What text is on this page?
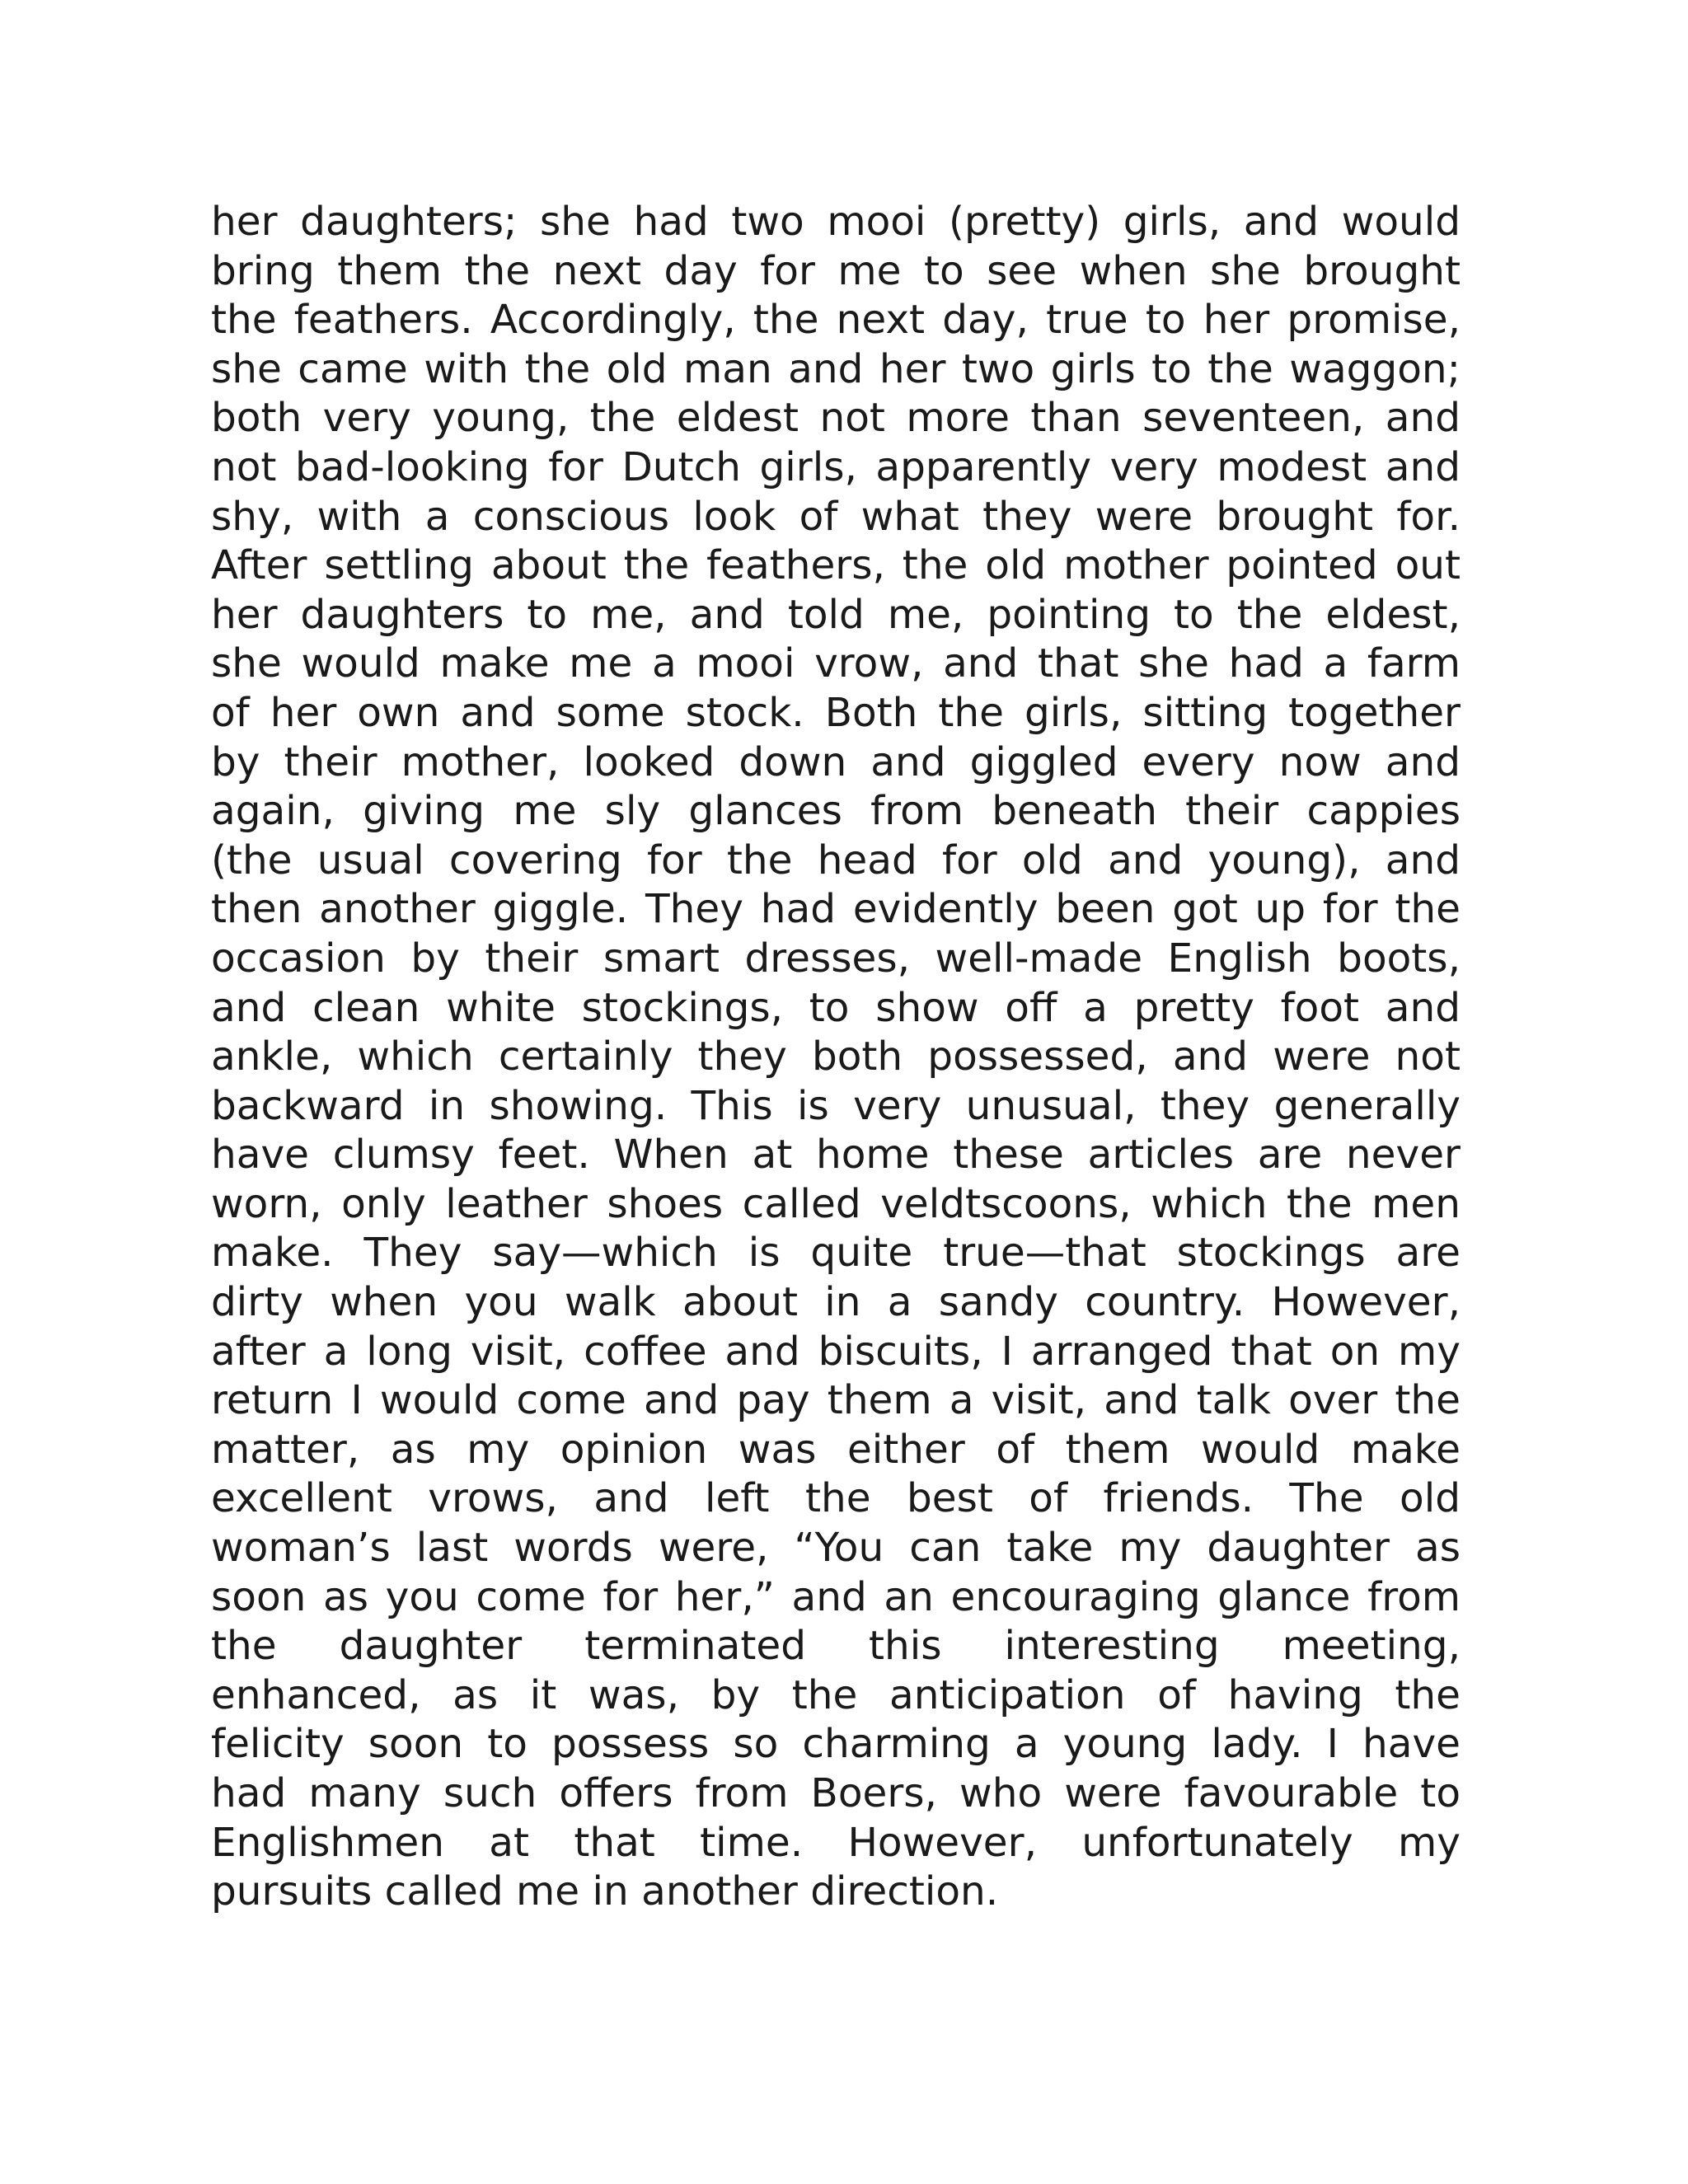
her daughters; she had two mooi (pretty) girls, and would
bring them the next day for me to see when she brought
the feathers. Accordingly, the next day, true to her promise,
she came with the old man and her two girls to the waggon;
both very young, the eldest not more than seventeen, and
not bad-looking for Dutch girls, apparently very modest and
shy, with a conscious look of what they were brought for.
After settling about the feathers, the old mother pointed out
her daughters to me, and told me, pointing to the eldest,
she would make me a mooi vrow, and that she had a farm
of her own and some stock. Both the girls, sitting together
by their mother, looked down and giggled every now and
again, giving me sly glances from beneath their cappies
(the usual covering for the head for old and young), and
then another giggle. They had evidently been got up for the
occasion by their smart dresses, well-made English boots,
and clean white stockings, to show off a pretty foot and
ankle, which certainly they both possessed, and were not
backward in showing. This is very unusual, they generally
have clumsy feet. When at home these articles are never
worn, only leather shoes called veldtscoons, which the men
make. They say—which is quite true—that stockings are
dirty when you walk about in a sandy country. However,
after a long visit, coffee and biscuits, I arranged that on my
return I would come and pay them a visit, and talk over the
matter, as my opinion was either of them would make
excellent vrows, and left the best of friends. The old
woman’s last words were, “You can take my daughter as
soon as you come for her,” and an encouraging glance from
the daughter terminated this interesting meeting,
enhanced, as it was, by the anticipation of having the
felicity soon to possess so charming a young lady. I have
had many such offers from Boers, who were favourable to
Englishmen at that time. However, unfortunately my
pursuits called me in another direction.
